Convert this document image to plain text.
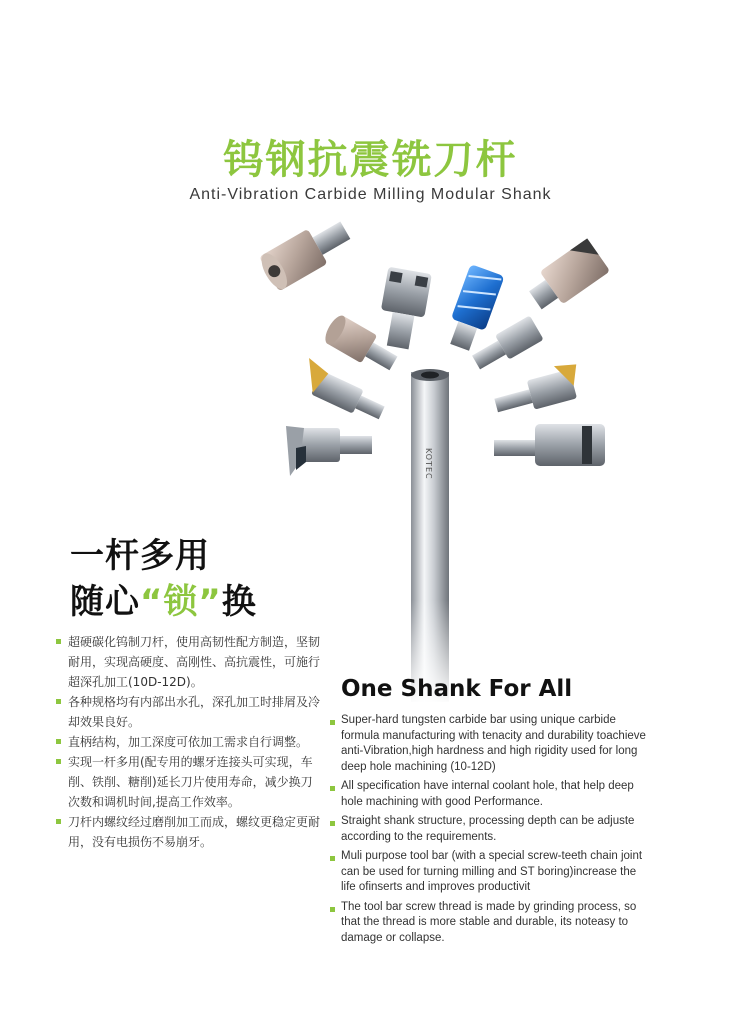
钨钢抗震铣刀杆
Anti-Vibration Carbide Milling Modular Shank
KOTEC
一杆多用
随心“锁”换
超硬碳化钨制刀杆，使用高韧性配方制造，坚韧耐用，实现高硬度、高刚性、高抗震性，可施行超深孔加工(10D-12D)。
各种规格均有内部出水孔，深孔加工时排屑及冷却效果良好。
直柄结构，加工深度可依加工需求自行调整。
实现一杆多用(配专用的螺牙连接头可实现，车削、铁削、糖削)延长刀片使用寿命，减少换刀次数和调机时间,提高工作效率。
刀杆内螺纹经过磨削加工而成，螺纹更稳定更耐用，没有电损伤不易崩牙。
One Shank For All
Super-hard tungsten carbide bar using unique carbide formula manufacturing with tenacity and durability toachieve anti-Vibration,high hardness and high rigidity used for long deep hole machining (10-12D)
All specification have internal coolant hole, that help deep hole machining with good Performance.
Straight shank structure, processing depth can be adjuste according to the requirements.
Muli purpose tool bar (with a special screw-teeth chain joint can be used for turning milling and ST boring)increase the life ofinserts and improves productivit
The tool bar screw thread is made by grinding process, so that the thread is more stable and durable, its noteasy to damage or collapse.
